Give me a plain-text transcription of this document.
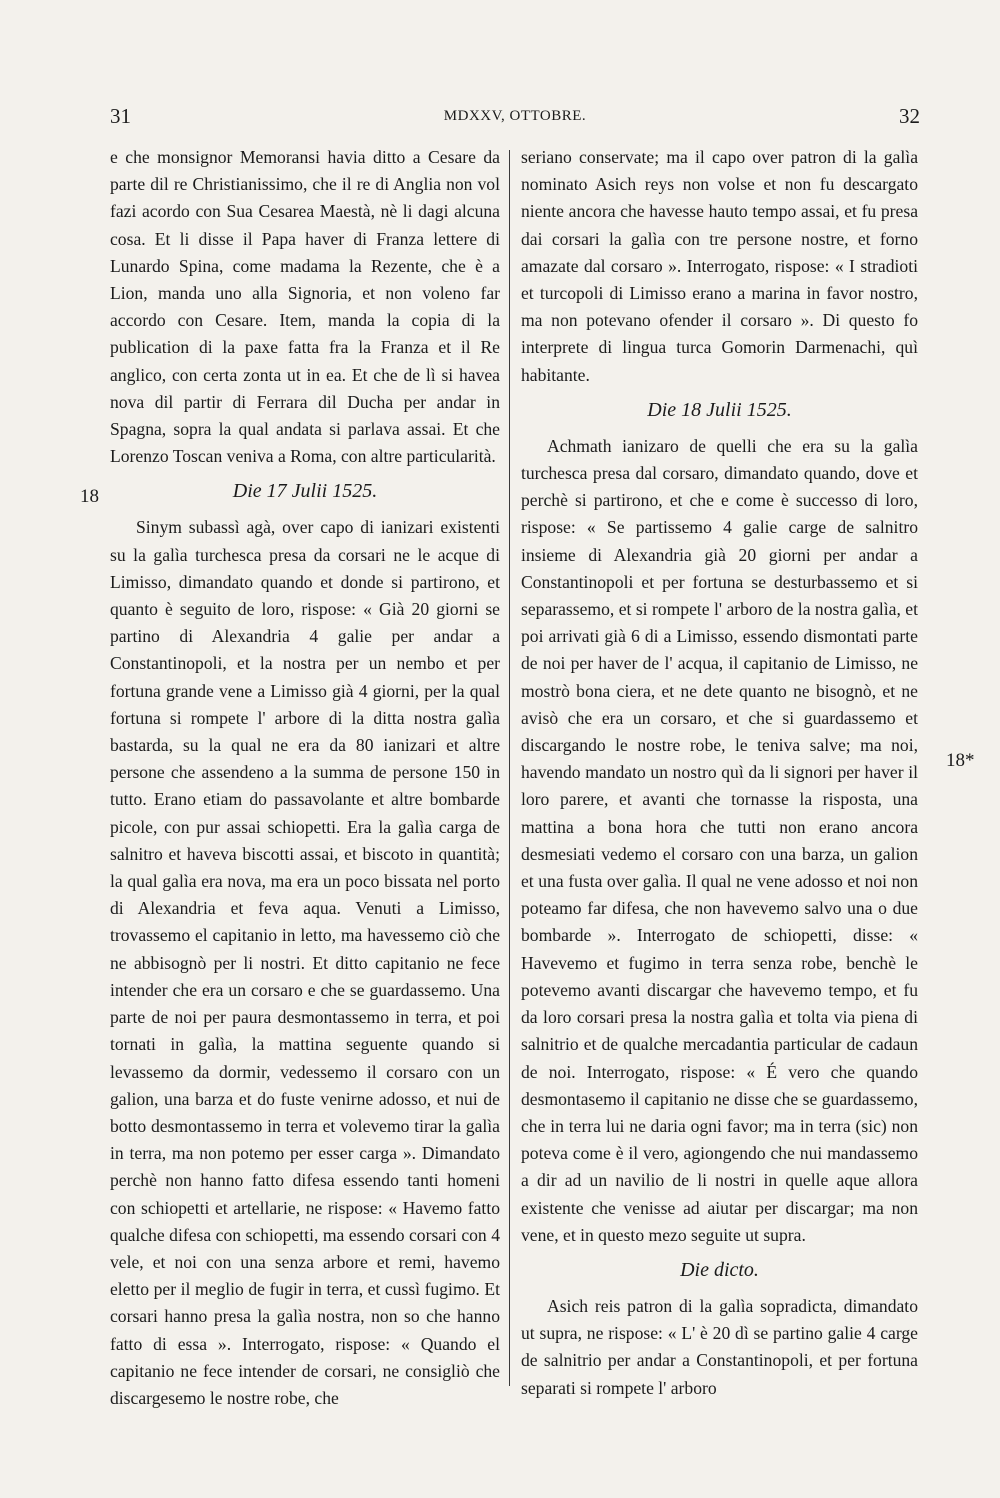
31	MDXXV, OTTOBRE.	32
18
18*

e che monsignor Memoransi havia ditto a Cesare da parte dil re Christianissimo, che il re di Anglia non vol fazi acordo con Sua Cesarea Maestà, nè li dagi alcuna cosa. Et li disse il Papa haver di Franza lettere di Lunardo Spina, come madama la Rezente, che è a Lion, manda uno alla Signoria, et non voleno far accordo con Cesare. Item, manda la copia di la publication di la paxe fatta fra la Franza et il Re anglico, con certa zonta ut in ea. Et che de lì si havea nova dil partir di Ferrara dil Ducha per andar in Spagna, sopra la qual andata si parlava assai. Et che Lorenzo Toscan veniva a Roma, con altre particularità.

Die 17 Julii 1525.

Sinym subassì agà, over capo di ianizari existenti su la galìa turchesca presa da corsari ne le acque di Limisso, dimandato quando et donde si partirono, et quanto è seguito de loro, rispose: « Già 20 giorni se partino di Alexandria 4 galie per andar a Constantinopoli, et la nostra per un nembo et per fortuna grande vene a Limisso già 4 giorni, per la qual fortuna si rompete l' arbore di la ditta nostra galìa bastarda, su la qual ne era da 80 ianizari et altre persone che assendeno a la summa de persone 150 in tutto. Erano etiam do passavolante et altre bombarde picole, con pur assai schiopetti. Era la galìa carga de salnitro et haveva biscotti assai, et biscoto in quantità; la qual galìa era nova, ma era un poco bissata nel porto di Alexandria et feva aqua. Venuti a Limisso, trovassemo el capitanio in letto, ma havessemo ciò che ne abbisognò per li nostri. Et ditto capitanio ne fece intender che era un corsaro e che se guardassemo. Una parte de noi per paura desmontassemo in terra, et poi tornati in galìa, la mattina seguente quando si levassemo da dormir, vedessemo il corsaro con un galion, una barza et do fuste venirne adosso, et nui de botto desmontassemo in terra et volevemo tirar la galìa in terra, ma non potemo per esser carga ». Dimandato perchè non hanno fatto difesa essendo tanti homeni con schiopetti et artellarie, ne rispose: « Havemo fatto qualche difesa con schiopetti, ma essendo corsari con 4 vele, et noi con una senza arbore et remi, havemo eletto per il meglio de fugir in terra, et cussì fugimo. Et corsari hanno presa la galìa nostra, non so che hanno fatto di essa ». Interrogato, rispose: « Quando el capitanio ne fece intender de corsari, ne consigliò che discargesemo le nostre robe, che

seriano conservate; ma il capo over patron di la galìa nominato Asich reys non volse et non fu descargato niente ancora che havesse hauto tempo assai, et fu presa dai corsari la galìa con tre persone nostre, et forno amazate dal corsaro ». Interrogato, rispose: « I stradioti et turcopoli di Limisso erano a marina in favor nostro, ma non potevano ofender il corsaro ». Di questo fo interprete di lingua turca Gomorin Darmenachi, quì habitante.

Die 18 Julii 1525.

Achmath ianizaro de quelli che era su la galìa turchesca presa dal corsaro, dimandato quando, dove et perchè si partirono, et che e come è successo di loro, rispose: « Se partissemo 4 galie carge de salnitro insieme di Alexandria già 20 giorni per andar a Constantinopoli et per fortuna se desturbassemo et si separassemo, et si rompete l' arboro de la nostra galìa, et poi arrivati già 6 di a Limisso, essendo dismontati parte de noi per haver de l' acqua, il capitanio de Limisso, ne mostrò bona ciera, et ne dete quanto ne bisognò, et ne avisò che era un corsaro, et che si guardassemo et discargando le nostre robe, le teniva salve; ma noi, havendo mandato un nostro quì da li signori per haver il loro parere, et avanti che tornasse la risposta, una mattina a bona hora che tutti non erano ancora desmesiati vedemo el corsaro con una barza, un galion et una fusta over galìa. Il qual ne vene adosso et noi non poteamo far difesa, che non havevemo salvo una o due bombarde ». Interrogato de schiopetti, disse: « Havevemo et fugimo in terra senza robe, benchè le potevemo avanti discargar che havevemo tempo, et fu da loro corsari presa la nostra galìa et tolta via piena di salnitrio et de qualche mercadantia particular de cadaun de noi. Interrogato, rispose: « É vero che quando desmontasemo il capitanio ne disse che se guardassemo, che in terra lui ne daria ogni favor; ma in terra (sic) non poteva come è il vero, agiongendo che nui mandassemo a dir ad un navilio de li nostri in quelle aque allora existente che venisse ad aiutar per discargar; ma non vene, et in questo mezo seguite ut supra.

Die dicto.

Asich reis patron di la galìa sopradicta, dimandato ut supra, ne rispose: « L' è 20 dì se partino galie 4 carge de salnitrio per andar a Constantinopoli, et per fortuna separati si rompete l' arboro
